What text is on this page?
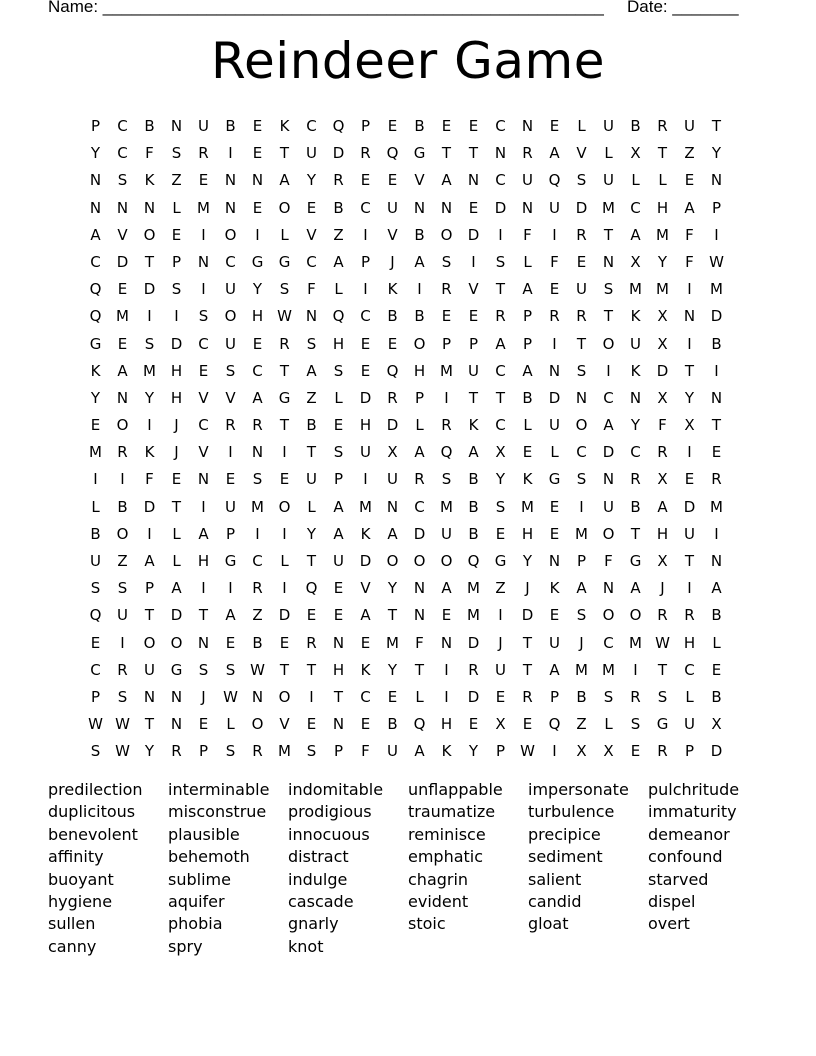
Name: _____________________________________________________ Date: _______
Reindeer Game
P	C	B	N	U	B	E	K	C	Q	P	E	B	E	E	C	N	E	L	U	B	R	U	T
Y	C	F	S	R	I	E	T	U	D	R	Q	G	T	T	N	R	A	V	L	X	T	Z	Y
N	S	K	Z	E	N	N	A	Y	R	E	E	V	A	N	C	U	Q	S	U	L	L	E	N
N	N	N	L	M N	E	O	E	B	C	U	N	N	E	D	N	U	D M	C	H	A	P
A	V	O	E	I	O	I	L	V	Z	I	V	B	O	D	I	F	I	R	T	A	M	F	I
C	D	T	P	N	C	G	G	C	A	P	J	A	S	I	S	L	F	E	N	X	Y	F	W
Q	E	D	S	I	U	Y	S	F	L	I	K	I	R	V	T	A	E	U	S	M M	I	M
Q M	I	I	S	O	H W N	Q	C	B	B	E	E	R	P	R	R	T	K	X	N	D
G	E	S	D	C	U	E	R	S	H	E	E	O	P	P	A	P	I	T	O	U	X	I	B
K	A	M H	E	S	C	T	A	S	E	Q	H M	U	C	A	N	S	I	K	D	T	I
Y	N	Y	H	V	V	A	G	Z	L	D	R	P	I	T	T	B	D	N	C	N	X	Y	N
E	O	I	J	C	R	R	T	B	E	H	D	L	R	K	C	L	U	O	A	Y	F	X	T
M	R	K	J	V	I	N	I	T	S	U	X	A	Q	A	X	E	L	C	D	C	R	I	E
I	I	F	E	N	E	S	E	U	P	I	U	R	S	B	Y	K	G	S	N	R	X	E	R
L	B	D	T	I	U	M O	L	A	M N	C	M	B	S	M	E	I	U	B	A	D M
B	O	I	L	A	P	I	I	Y	A	K	A	D	U	B	E	H	E	M O	T	H	U	I
U	Z	A	L	H	G	C	L	T	U	D	O	O	O	Q	G	Y	N	P	F	G	X	T	N
S	S	P	A	I	I	R	I	Q	E	V	Y	N	A	M	Z	J	K	A	N	A	J	I	A
Q	U	T	D	T	A	Z	D	E	E	A	T	N	E	M	I	D	E	S	O	O	R	R	B
E	I	O	O	N	E	B	E	R	N	E	M	F	N	D	J	T	U	J	C	M W H	L
C	R	U	G	S	S W T	T	H	K	Y	T	I	R	U	T	A	M M	I	T	C	E
P	S	N	N	J	W N	O	I	T	C	E	L	I	D	E	R	P	B	S	R	S	L	B
W W T	N	E	L	O	V	E	N	E	B	Q	H	E	X	E	Q	Z	L	S	G	U	X
S W Y	R	P	S	R	M	S	P	F	U	A	K	Y	P	W	I	X	X	E	R	P	D
predilection
duplicitous
benevolent
affinity
buoyant
hygiene
sullen
canny
interminable
misconstrue
plausible
behemoth
sublime
aquifer
phobia
spry
indomitable
prodigious
innocuous
distract
indulge
cascade
gnarly
knot
unflappable
traumatize
reminisce
emphatic
chagrin
evident
stoic
impersonate
turbulence
precipice
sediment
salient
candid
gloat
pulchritude
immaturity
demeanor
confound
starved
dispel
overt
